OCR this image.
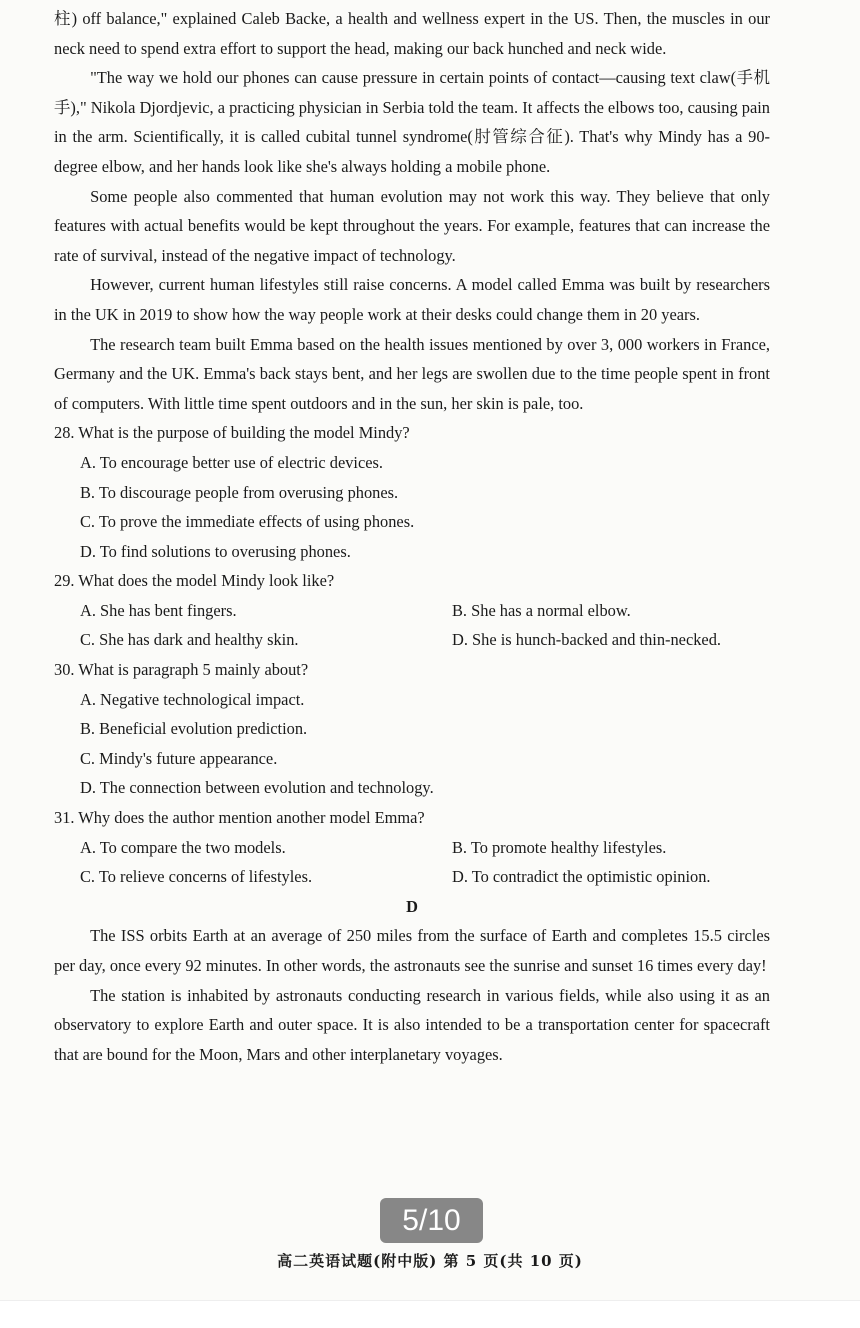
柱) off balance," explained Caleb Backe, a health and wellness expert in the US. Then, the muscles in our neck need to spend extra effort to support the head, making our back hunched and neck wide.

"The way we hold our phones can cause pressure in certain points of contact—causing text claw(手机手)," Nikola Djordjevic, a practicing physician in Serbia told the team. It affects the elbows too, causing pain in the arm. Scientifically, it is called cubital tunnel syndrome(肘管综合征). That's why Mindy has a 90-degree elbow, and her hands look like she's always holding a mobile phone.

Some people also commented that human evolution may not work this way. They believe that only features with actual benefits would be kept throughout the years. For example, features that can increase the rate of survival, instead of the negative impact of technology.

However, current human lifestyles still raise concerns. A model called Emma was built by researchers in the UK in 2019 to show how the way people work at their desks could change them in 20 years.

The research team built Emma based on the health issues mentioned by over 3, 000 workers in France, Germany and the UK. Emma's back stays bent, and her legs are swollen due to the time people spent in front of computers. With little time spent outdoors and in the sun, her skin is pale, too.

28. What is the purpose of building the model Mindy?

A. To encourage better use of electric devices.

B. To discourage people from overusing phones.

C. To prove the immediate effects of using phones.

D. To find solutions to overusing phones.

29. What does the model Mindy look like?

A. She has bent fingers.	B. She has a normal elbow.
C. She has dark and healthy skin.	D. She is hunch-backed and thin-necked.

30. What is paragraph 5 mainly about?

A. Negative technological impact.

B. Beneficial evolution prediction.

C. Mindy's future appearance.

D. The connection between evolution and technology.

31. Why does the author mention another model Emma?

A. To compare the two models.	B. To promote healthy lifestyles.
C. To relieve concerns of lifestyles.	D. To contradict the optimistic opinion.

D

The ISS orbits Earth at an average of 250 miles from the surface of Earth and completes 15.5 circles per day, once every 92 minutes. In other words, the astronauts see the sunrise and sunset 16 times every day!

The station is inhabited by astronauts conducting research in various fields, while also using it as an observatory to explore Earth and outer space. It is also intended to be a transportation center for spacecraft that are bound for the Moon, Mars and other interplanetary voyages.

高二英语试题(附中版) 第 5 页(共 10 页)
5/10
